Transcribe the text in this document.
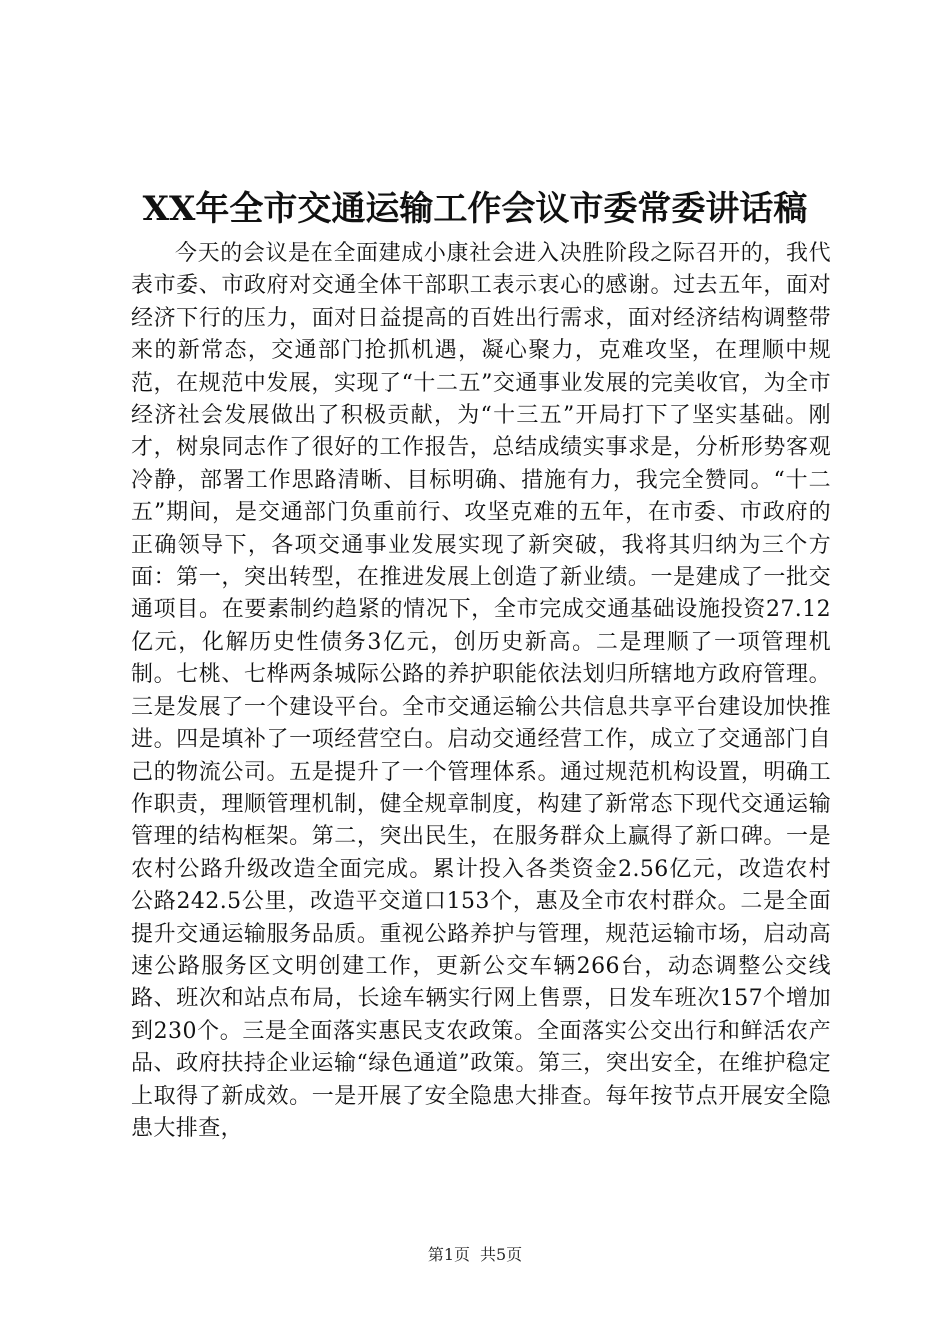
XX年全市交通运输工作会议市委常委讲话稿

今天的会议是在全面建成小康社会进入决胜阶段之际召开的，我代表市委、市政府对交通全体干部职工表示衷心的感谢。过去五年，面对经济下行的压力，面对日益提高的百姓出行需求，面对经济结构调整带来的新常态，交通部门抢抓机遇，凝心聚力，克难攻坚，在理顺中规范，在规范中发展，实现了“十二五”交通事业发展的完美收官，为全市经济社会发展做出了积极贡献，为“十三五”开局打下了坚实基础。刚才，树泉同志作了很好的工作报告，总结成绩实事求是，分析形势客观冷静，部署工作思路清晰、目标明确、措施有力，我完全赞同。“十二五”期间，是交通部门负重前行、攻坚克难的五年，在市委、市政府的正确领导下，各项交通事业发展实现了新突破，我将其归纳为三个方面：第一，突出转型，在推进发展上创造了新业绩。一是建成了一批交通项目。在要素制约趋紧的情况下，全市完成交通基础设施投资27.12亿元，化解历史性债务3亿元，创历史新高。二是理顺了一项管理机制。七桃、七桦两条城际公路的养护职能依法划归所辖地方政府管理。三是发展了一个建设平台。全市交通运输公共信息共享平台建设加快推进。四是填补了一项经营空白。启动交通经营工作，成立了交通部门自己的物流公司。五是提升了一个管理体系。通过规范机构设置，明确工作职责，理顺管理机制，健全规章制度，构建了新常态下现代交通运输管理的结构框架。第二，突出民生，在服务群众上赢得了新口碑。一是农村公路升级改造全面完成。累计投入各类资金2.56亿元，改造农村公路242.5公里，改造平交道口153个，惠及全市农村群众。二是全面提升交通运输服务品质。重视公路养护与管理，规范运输市场，启动高速公路服务区文明创建工作，更新公交车辆266台，动态调整公交线路、班次和站点布局，长途车辆实行网上售票，日发车班次157个增加到230个。三是全面落实惠民支农政策。全面落实公交出行和鲜活农产品、政府扶持企业运输“绿色通道”政策。第三，突出安全，在维护稳定上取得了新成效。一是开展了安全隐患大排查。每年按节点开展安全隐患大排查，

第1页 共5页
